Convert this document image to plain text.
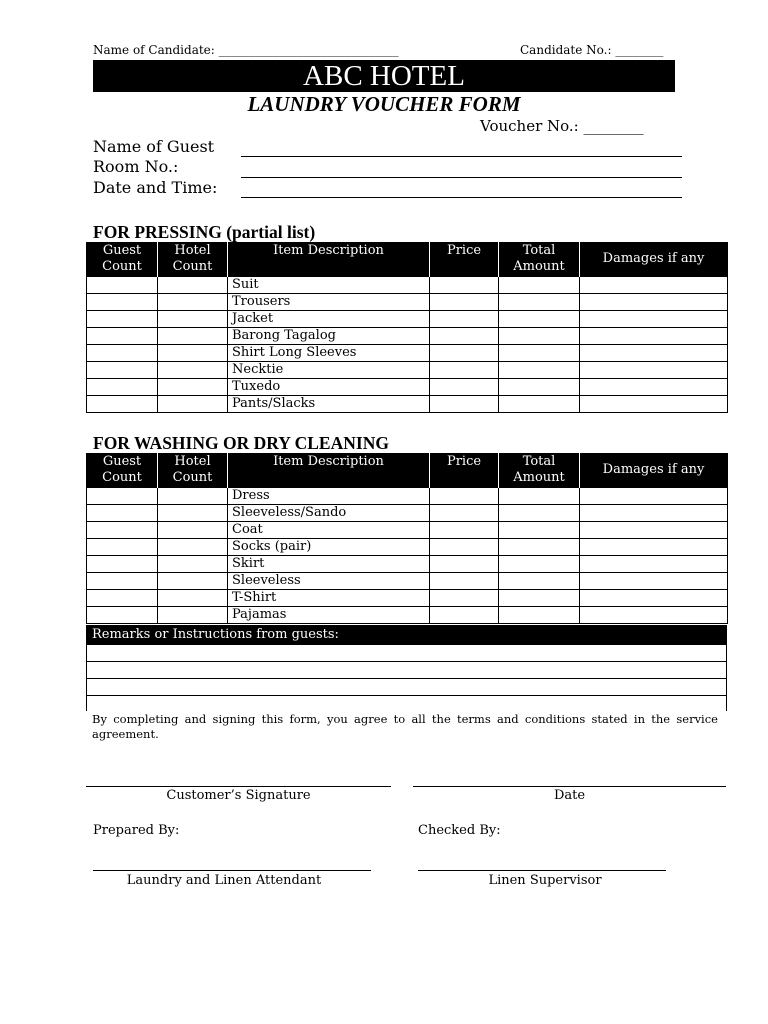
Name of Candidate: ______________________________	Candidate No.: ________
ABC HOTEL
LAUNDRY VOUCHER FORM
Voucher No.: ________
Name of Guest
Room No.:
Date and Time:
FOR PRESSING (partial list)
Guest Count	Hotel Count	Item Description	Price	Total Amount	Damages if any
		Suit			
		Trousers			
		Jacket			
		Barong Tagalog			
		Shirt Long Sleeves			
		Necktie			
		Tuxedo			
		Pants/Slacks			
FOR WASHING OR DRY CLEANING
Guest Count	Hotel Count	Item Description	Price	Total Amount	Damages if any
		Dress			
		Sleeveless/Sando			
		Coat			
		Socks (pair)			
		Skirt			
		Sleeveless			
		T-Shirt			
		Pajamas			
Remarks or Instructions from guests:
By completing and signing this form, you agree to all the terms and conditions stated in the service agreement.
Customer’s Signature	Date
Prepared By:	Checked By:
Laundry and Linen Attendant	Linen Supervisor
